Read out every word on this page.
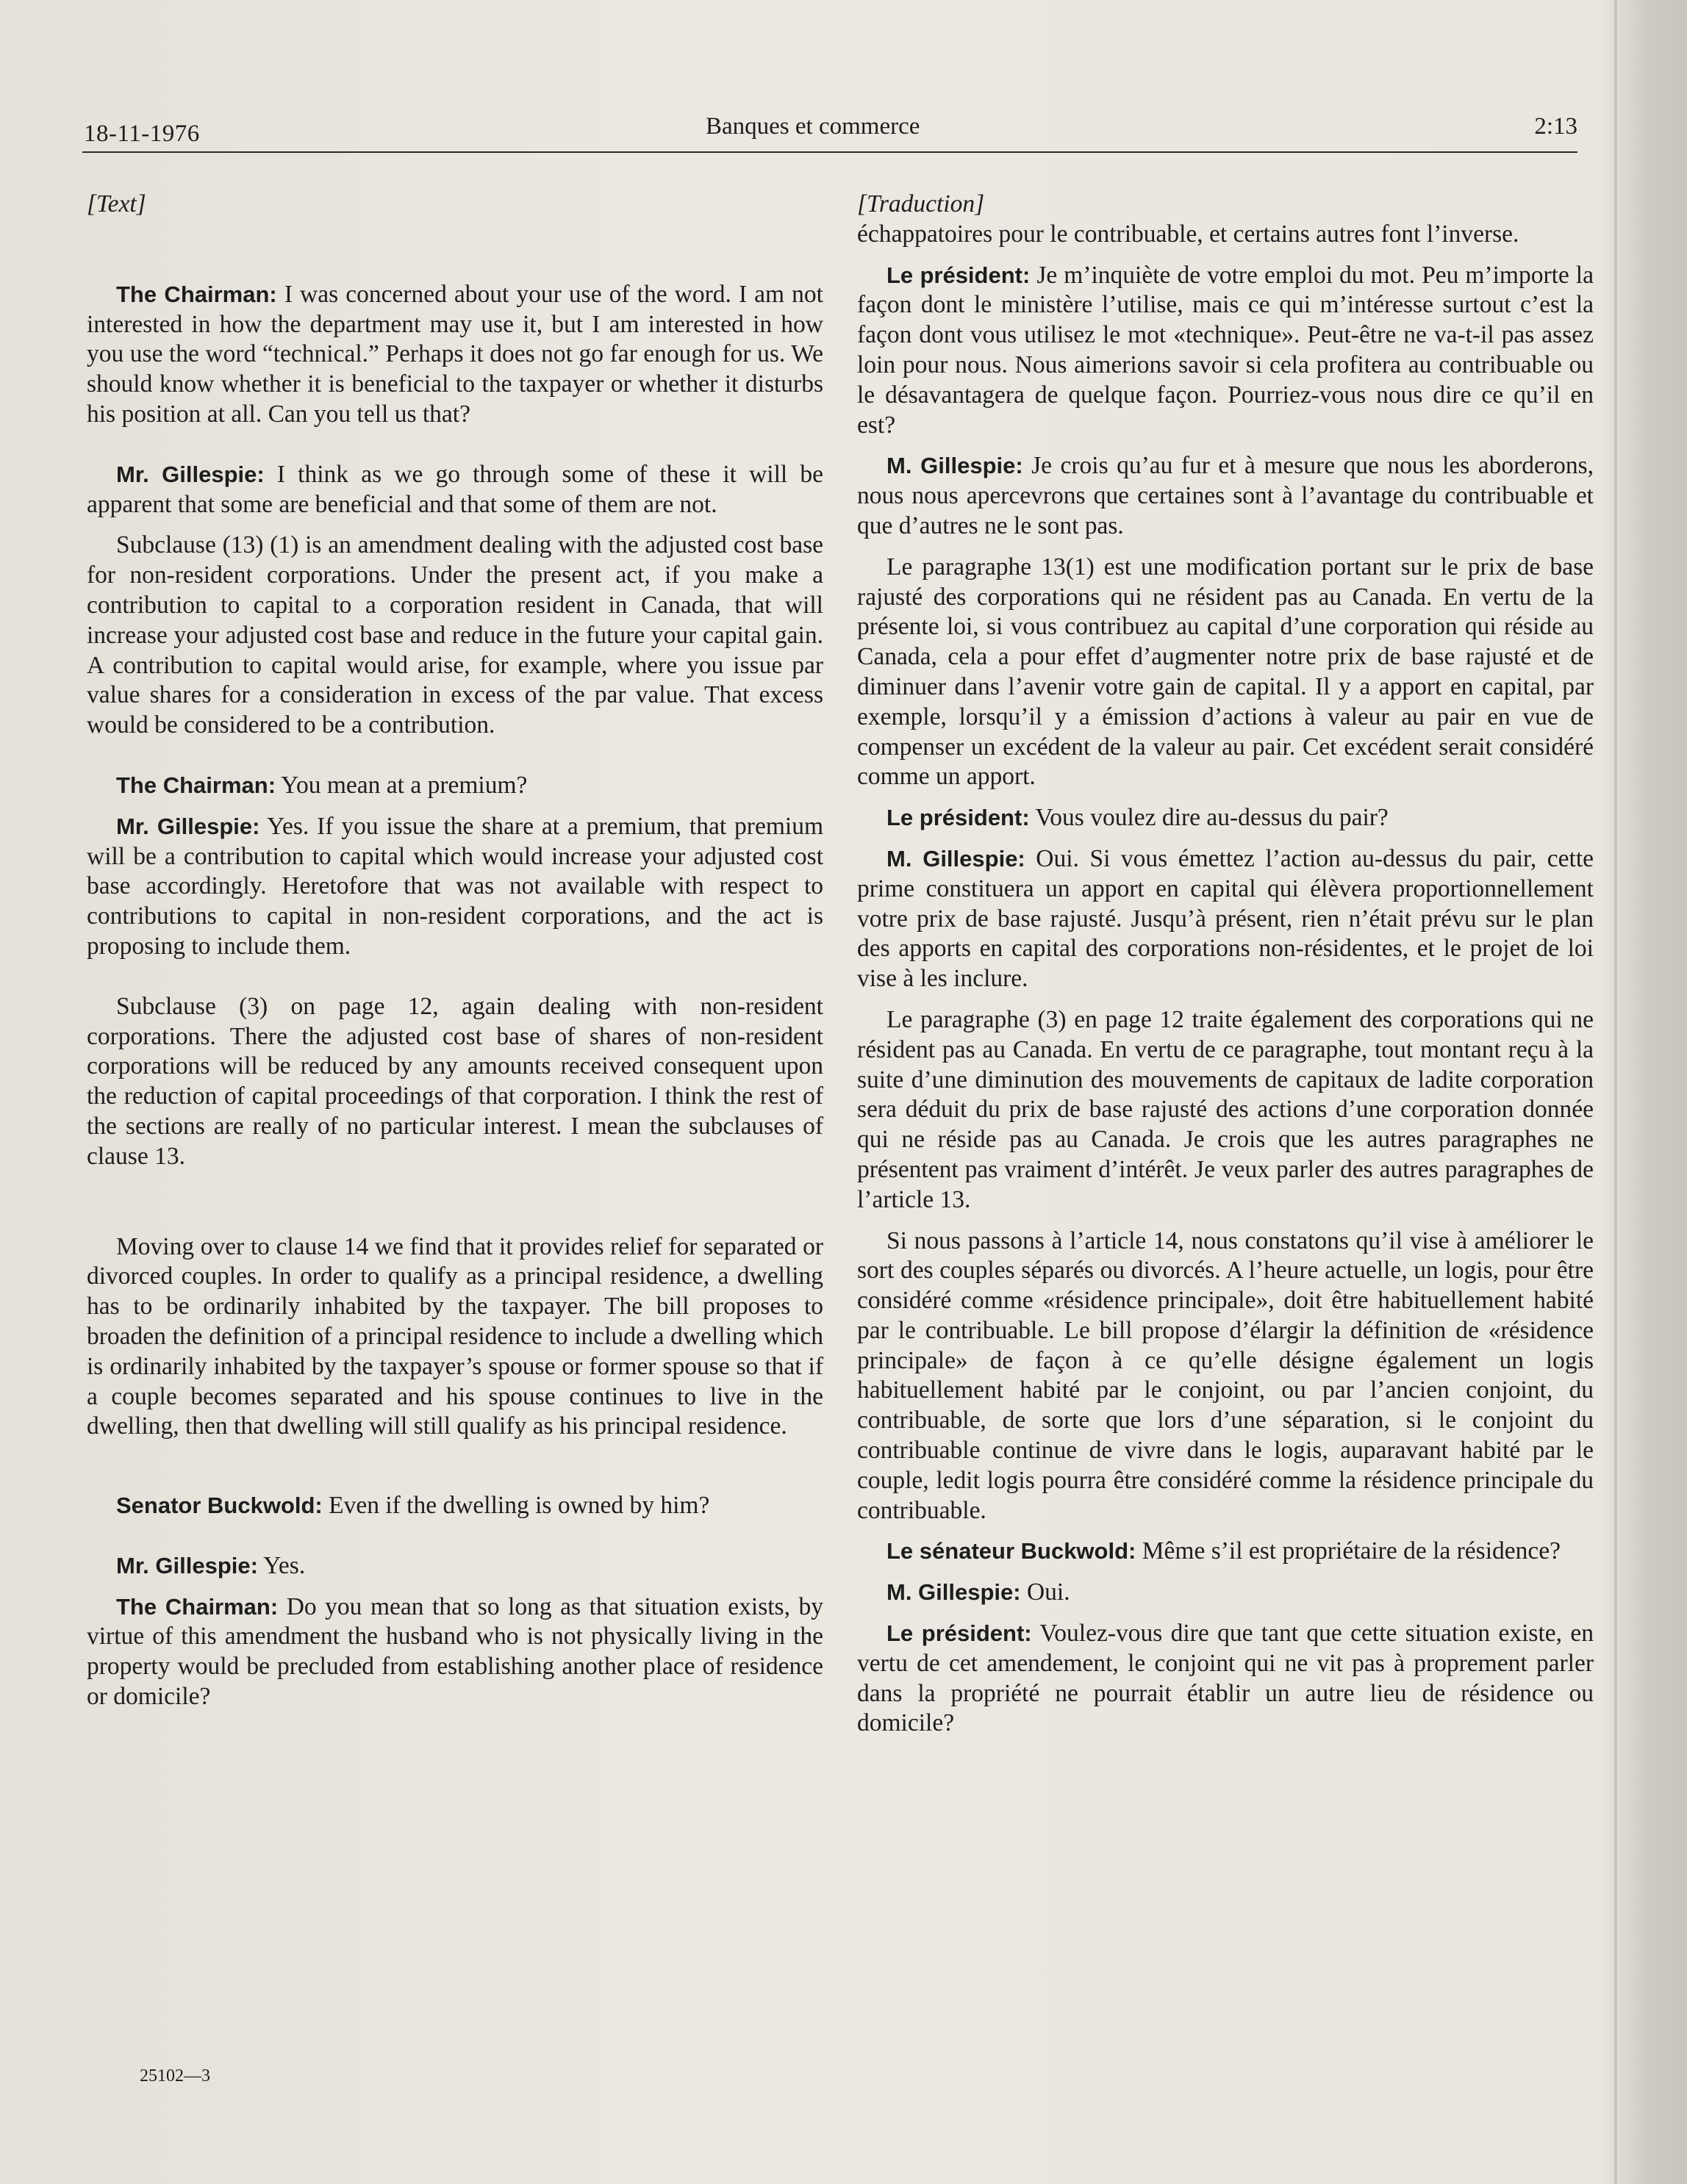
18-11-1976	Banques et commerce	2:13

[Text]

The Chairman: I was concerned about your use of the word. I am not interested in how the department may use it, but I am interested in how you use the word “technical.” Perhaps it does not go far enough for us. We should know whether it is beneficial to the taxpayer or whether it disturbs his position at all. Can you tell us that?

Mr. Gillespie: I think as we go through some of these it will be apparent that some are beneficial and that some of them are not.

Subclause (13) (1) is an amendment dealing with the adjusted cost base for non-resident corporations. Under the present act, if you make a contribution to capital to a corporation resident in Canada, that will increase your adjusted cost base and reduce in the future your capital gain. A contribution to capital would arise, for example, where you issue par value shares for a consideration in excess of the par value. That excess would be considered to be a contribution.

The Chairman: You mean at a premium?

Mr. Gillespie: Yes. If you issue the share at a premium, that premium will be a contribution to capital which would increase your adjusted cost base accordingly. Heretofore that was not available with respect to contributions to capital in non-resident corporations, and the act is proposing to include them.

Subclause (3) on page 12, again dealing with non-resident corporations. There the adjusted cost base of shares of non-resident corporations will be reduced by any amounts received consequent upon the reduction of capital proceedings of that corporation. I think the rest of the sections are really of no particular interest. I mean the subclauses of clause 13.

Moving over to clause 14 we find that it provides relief for separated or divorced couples. In order to qualify as a principal residence, a dwelling has to be ordinarily inhabited by the taxpayer. The bill proposes to broaden the definition of a principal residence to include a dwelling which is ordinarily inhabited by the taxpayer’s spouse or former spouse so that if a couple becomes separated and his spouse continues to live in the dwelling, then that dwelling will still qualify as his principal residence.

Senator Buckwold: Even if the dwelling is owned by him?

Mr. Gillespie: Yes.

The Chairman: Do you mean that so long as that situation exists, by virtue of this amendment the husband who is not physically living in the property would be precluded from establishing another place of residence or domicile?

[Traduction]

échappatoires pour le contribuable, et certains autres font l’inverse.

Le président: Je m’inquiète de votre emploi du mot. Peu m’importe la façon dont le ministère l’utilise, mais ce qui m’intéresse surtout c’est la façon dont vous utilisez le mot «technique». Peut-être ne va-t-il pas assez loin pour nous. Nous aimerions savoir si cela profitera au contribuable ou le désavantagera de quelque façon. Pourriez-vous nous dire ce qu’il en est?

M. Gillespie: Je crois qu’au fur et à mesure que nous les aborderons, nous nous apercevrons que certaines sont à l’avantage du contribuable et que d’autres ne le sont pas.

Le paragraphe 13(1) est une modification portant sur le prix de base rajusté des corporations qui ne résident pas au Canada. En vertu de la présente loi, si vous contribuez au capital d’une corporation qui réside au Canada, cela a pour effet d’augmenter notre prix de base rajusté et de diminuer dans l’avenir votre gain de capital. Il y a apport en capital, par exemple, lorsqu’il y a émission d’actions à valeur au pair en vue de compenser un excédent de la valeur au pair. Cet excédent serait considéré comme un apport.

Le président: Vous voulez dire au-dessus du pair?

M. Gillespie: Oui. Si vous émettez l’action au-dessus du pair, cette prime constituera un apport en capital qui élèvera proportionnellement votre prix de base rajusté. Jusqu’à présent, rien n’était prévu sur le plan des apports en capital des corporations non-résidentes, et le projet de loi vise à les inclure.

Le paragraphe (3) en page 12 traite également des corporations qui ne résident pas au Canada. En vertu de ce paragraphe, tout montant reçu à la suite d’une diminution des mouvements de capitaux de ladite corporation sera déduit du prix de base rajusté des actions d’une corporation donnée qui ne réside pas au Canada. Je crois que les autres paragraphes ne présentent pas vraiment d’intérêt. Je veux parler des autres paragraphes de l’article 13.

Si nous passons à l’article 14, nous constatons qu’il vise à améliorer le sort des couples séparés ou divorcés. A l’heure actuelle, un logis, pour être considéré comme «résidence principale», doit être habituellement habité par le contribuable. Le bill propose d’élargir la définition de «résidence principale» de façon à ce qu’elle désigne également un logis habituellement habité par le conjoint, ou par l’ancien conjoint, du contribuable, de sorte que lors d’une séparation, si le conjoint du contribuable continue de vivre dans le logis, auparavant habité par le couple, ledit logis pourra être considéré comme la résidence principale du contribuable.

Le sénateur Buckwold: Même s’il est propriétaire de la résidence?

M. Gillespie: Oui.

Le président: Voulez-vous dire que tant que cette situation existe, en vertu de cet amendement, le conjoint qui ne vit pas à proprement parler dans la propriété ne pourrait établir un autre lieu de résidence ou domicile?

25102—3
